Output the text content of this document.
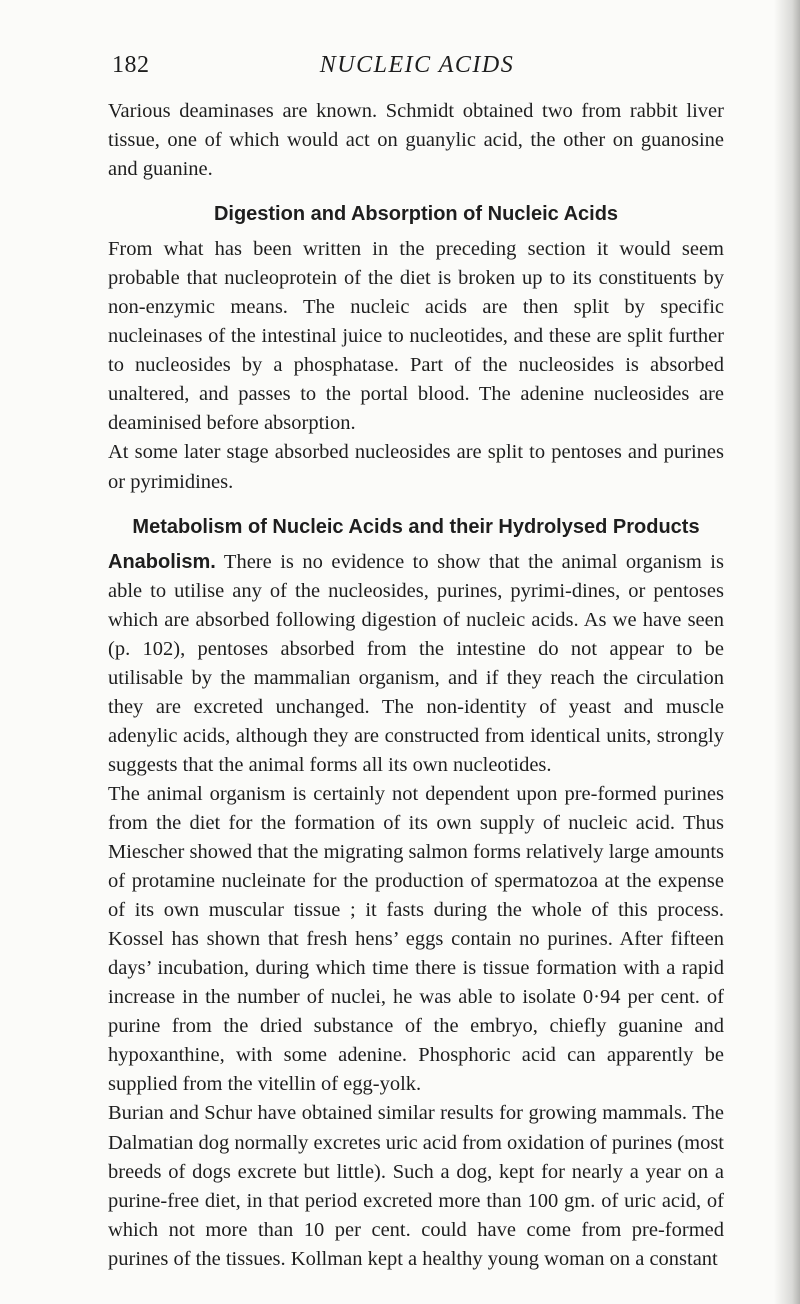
182	NUCLEIC ACIDS

Various deaminases are known. Schmidt obtained two from rabbit liver tissue, one of which would act on guanylic acid, the other on guanosine and guanine.

Digestion and Absorption of Nucleic Acids

From what has been written in the preceding section it would seem probable that nucleoprotein of the diet is broken up to its constituents by non-enzymic means. The nucleic acids are then split by specific nucleinases of the intestinal juice to nucleotides, and these are split further to nucleosides by a phosphatase. Part of the nucleosides is absorbed unaltered, and passes to the portal blood. The adenine nucleosides are deaminised before absorption.

At some later stage absorbed nucleosides are split to pentoses and purines or pyrimidines.

Metabolism of Nucleic Acids and their Hydrolysed Products

Anabolism. There is no evidence to show that the animal organism is able to utilise any of the nucleosides, purines, pyrimi-dines, or pentoses which are absorbed following digestion of nucleic acids. As we have seen (p. 102), pentoses absorbed from the intestine do not appear to be utilisable by the mammalian organism, and if they reach the circulation they are excreted unchanged. The non-identity of yeast and muscle adenylic acids, although they are constructed from identical units, strongly suggests that the animal forms all its own nucleotides.

The animal organism is certainly not dependent upon pre-formed purines from the diet for the formation of its own supply of nucleic acid. Thus Miescher showed that the migrating salmon forms relatively large amounts of protamine nucleinate for the production of spermatozoa at the expense of its own muscular tissue ; it fasts during the whole of this process. Kossel has shown that fresh hens’ eggs contain no purines. After fifteen days’ incubation, during which time there is tissue formation with a rapid increase in the number of nuclei, he was able to isolate 0·94 per cent. of purine from the dried substance of the embryo, chiefly guanine and hypoxanthine, with some adenine. Phosphoric acid can apparently be supplied from the vitellin of egg-yolk.

Burian and Schur have obtained similar results for growing mammals. The Dalmatian dog normally excretes uric acid from oxidation of purines (most breeds of dogs excrete but little). Such a dog, kept for nearly a year on a purine-free diet, in that period excreted more than 100 gm. of uric acid, of which not more than 10 per cent. could have come from pre-formed purines of the tissues. Kollman kept a healthy young woman on a constant
